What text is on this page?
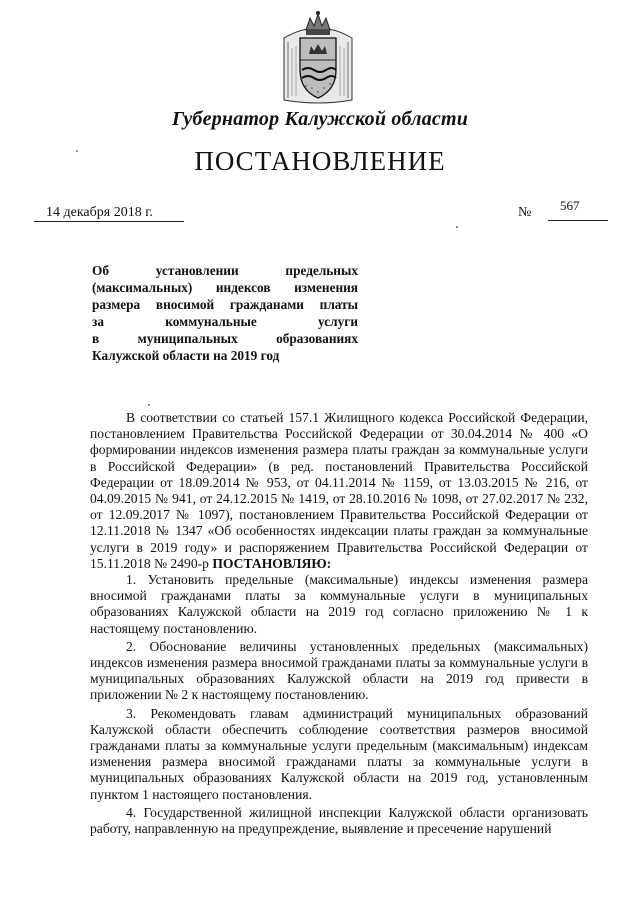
Губернатор Калужской области
ПОСТАНОВЛЕНИЕ
14 декабря 2018 г.	№ 567
Об установлении предельных
(максимальных) индексов изменения
размера вносимой гражданами платы
за коммунальные услуги
в муниципальных образованиях
Калужской области на 2019 год

В соответствии со статьей 157.1 Жилищного кодекса Российской Федерации, постановлением Правительства Российской Федерации от 30.04.2014 № 400 «О формировании индексов изменения размера платы граждан за коммунальные услуги в Российской Федерации» (в ред. постановлений Правительства Российской Федерации от 18.09.2014 № 953, от 04.11.2014 № 1159, от 13.03.2015 № 216, от 04.09.2015 № 941, от 24.12.2015 № 1419, от 28.10.2016 № 1098, от 27.02.2017 № 232, от 12.09.2017 № 1097), постановлением Правительства Российской Федерации от 12.11.2018 № 1347 «Об особенностях индексации платы граждан за коммунальные услуги в 2019 году» и распоряжением Правительства Российской Федерации от 15.11.2018 № 2490-р ПОСТАНОВЛЯЮ:

1. Установить предельные (максимальные) индексы изменения размера вносимой гражданами платы за коммунальные услуги в муниципальных образованиях Калужской области на 2019 год согласно приложению № 1 к настоящему постановлению.

2. Обоснование величины установленных предельных (максимальных) индексов изменения размера вносимой гражданами платы за коммунальные услуги в муниципальных образованиях Калужской области на 2019 год привести в приложении № 2 к настоящему постановлению.

3. Рекомендовать главам администраций муниципальных образований Калужской области обеспечить соблюдение соответствия размеров вносимой гражданами платы за коммунальные услуги предельным (максимальным) индексам изменения размера вносимой гражданами платы за коммунальные услуги в муниципальных образованиях Калужской области на 2019 год, установленным пунктом 1 настоящего постановления.

4. Государственной жилищной инспекции Калужской области организовать работу, направленную на предупреждение, выявление и пресечение нарушений
